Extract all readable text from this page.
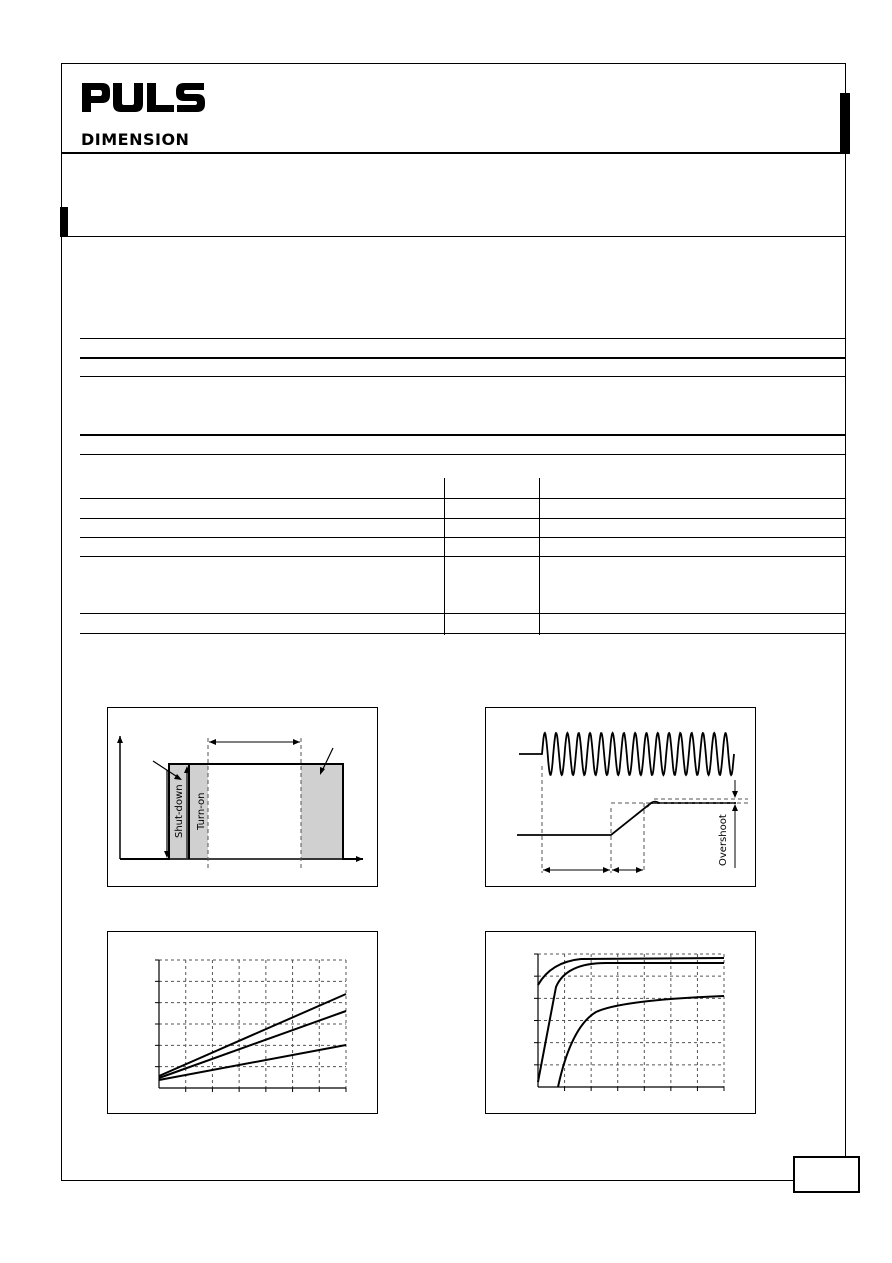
DIMENSION
Shut-down Turn-on
Overshoot
